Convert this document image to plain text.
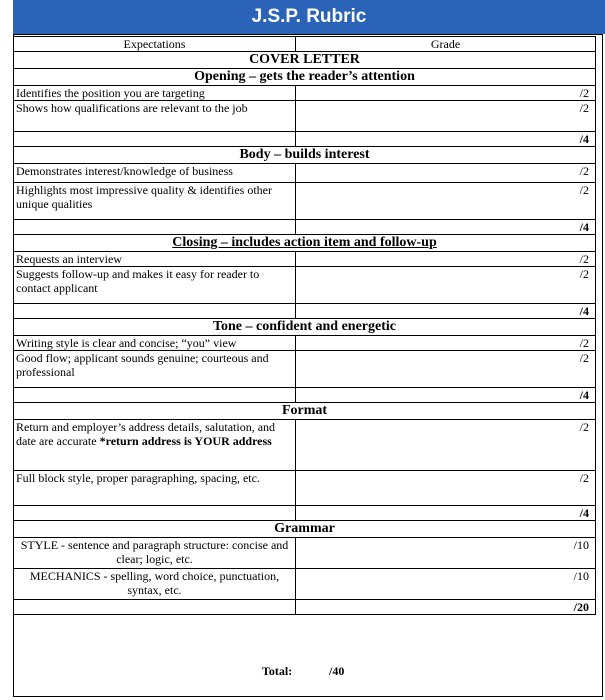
J.S.P. Rubric
Expectations	Grade

COVER LETTER	

Opening – gets the reader’s attention	
Identifies the position you are targeting	/2
Shows how qualifications are relevant to the job	/2
	/4
Body – builds interest	
Demonstrates interest/knowledge of business	/2
Highlights most impressive quality & identifies other unique qualities	/2
	/4

Closing – includes action item and follow-up	

Requests an interview	/2
Suggests follow-up and makes it easy for reader to contact applicant	/2
	/4
Tone – confident and energetic	
Writing style is clear and concise; “you” view	/2
Good flow; applicant sounds genuine; courteous and professional	/2
	/4
Format	
Return and employer’s address details, salutation, and date are accurate *return address is YOUR address	/2
Full block style, proper paragraphing, spacing, etc.	/2
	/4
Grammar	
STYLE - sentence and paragraph structure: concise and clear; logic, etc.	/10
MECHANICS - spelling, word choice, punctuation, syntax, etc.	/10
	/20
Total:	/40
